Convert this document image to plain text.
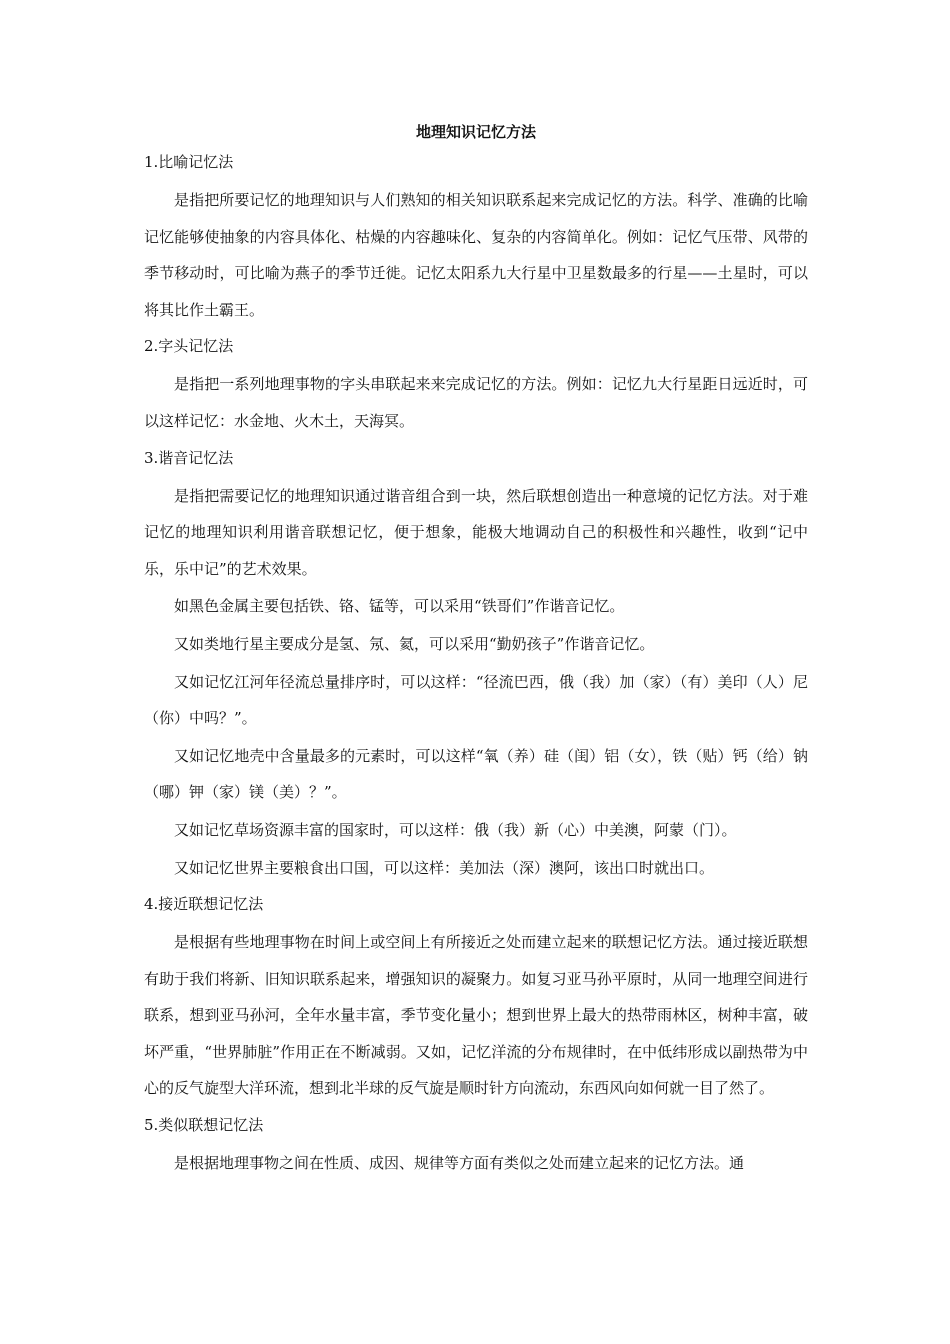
地理知识记忆方法
1.比喻记忆法

是指把所要记忆的地理知识与人们熟知的相关知识联系起来完成记忆的方法。科学、准确的比喻记忆能够使抽象的内容具体化、枯燥的内容趣味化、复杂的内容简单化。例如：记忆气压带、风带的季节移动时，可比喻为燕子的季节迁徙。记忆太阳系九大行星中卫星数最多的行星——土星时，可以将其比作土霸王。

2.字头记忆法

是指把一系列地理事物的字头串联起来来完成记忆的方法。例如：记忆九大行星距日远近时，可以这样记忆：水金地、火木土，天海冥。

3.谐音记忆法

是指把需要记忆的地理知识通过谐音组合到一块，然后联想创造出一种意境的记忆方法。对于难记忆的地理知识利用谐音联想记忆，便于想象，能极大地调动自己的积极性和兴趣性，收到“记中乐，乐中记”的艺术效果。

如黑色金属主要包括铁、铬、锰等，可以采用“铁哥们”作谐音记忆。

又如类地行星主要成分是氢、氖、氦，可以采用“勤奶孩子”作谐音记忆。

又如记忆江河年径流总量排序时，可以这样：“径流巴西，俄（我）加（家）（有）美印（人）尼（你）中吗？”。

又如记忆地壳中含量最多的元素时，可以这样“氧（养）硅（闺）铝（女），铁（贴）钙（给）钠（哪）钾（家）镁（美）？”。

又如记忆草场资源丰富的国家时，可以这样：俄（我）新（心）中美澳，阿蒙（门）。

又如记忆世界主要粮食出口国，可以这样：美加法（深）澳阿，该出口时就出口。

4.接近联想记忆法

是根据有些地理事物在时间上或空间上有所接近之处而建立起来的联想记忆方法。通过接近联想有助于我们将新、旧知识联系起来，增强知识的凝聚力。如复习亚马孙平原时，从同一地理空间进行联系，想到亚马孙河，全年水量丰富，季节变化量小；想到世界上最大的热带雨林区，树种丰富，破坏严重，“世界肺脏”作用正在不断减弱。又如，记忆洋流的分布规律时，在中低纬形成以副热带为中心的反气旋型大洋环流，想到北半球的反气旋是顺时针方向流动，东西风向如何就一目了然了。

5.类似联想记忆法

是根据地理事物之间在性质、成因、规律等方面有类似之处而建立起来的记忆方法。通
